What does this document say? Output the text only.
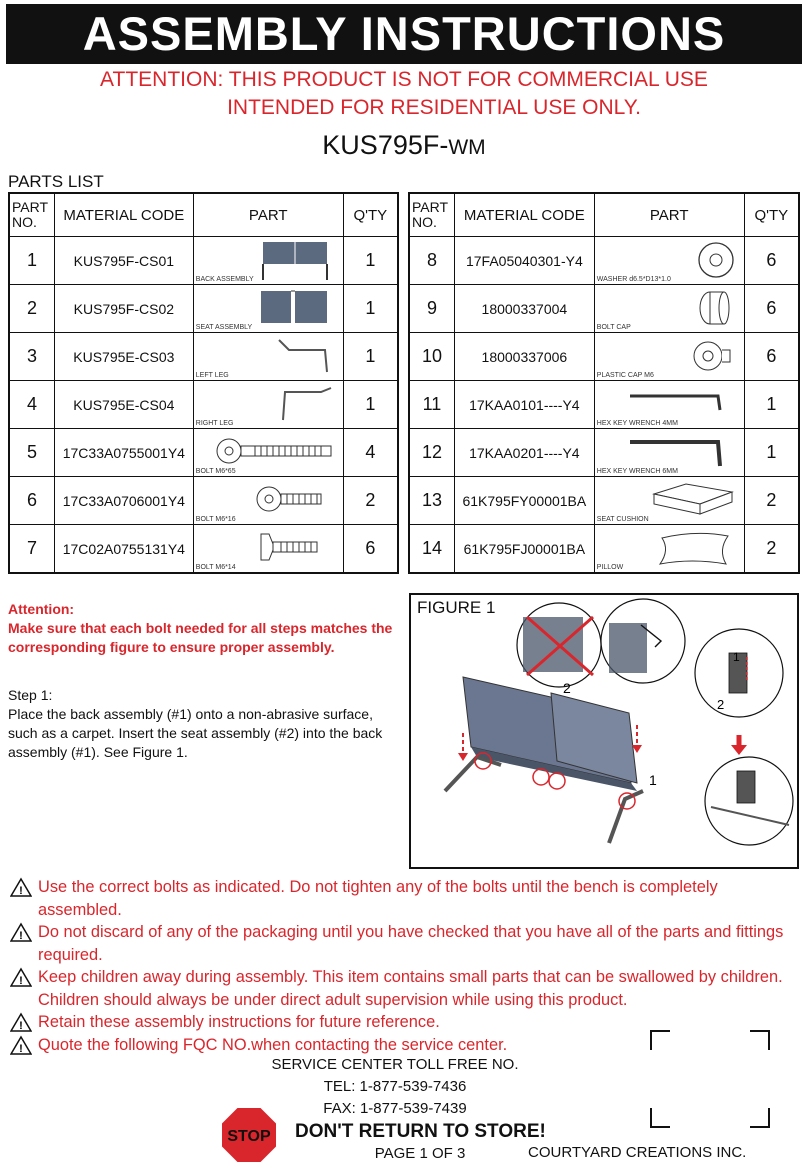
ASSEMBLY INSTRUCTIONS
ATTENTION: THIS PRODUCT IS NOT FOR COMMERCIAL USE
INTENDED FOR RESIDENTIAL USE ONLY.
KUS795F-WM
PARTS LIST
PART NO.	MATERIAL CODE	PART	Q'TY
1	KUS795F-CS01	BACK ASSEMBLY	1
2	KUS795F-CS02	SEAT ASSEMBLY	1
3	KUS795E-CS03	LEFT LEG	1
4	KUS795E-CS04	RIGHT LEG	1
5	17C33A0755001Y4	BOLT M6*65	4
6	17C33A0706001Y4	BOLT M6*16	2
7	17C02A0755131Y4	BOLT M6*14	6
PART NO.	MATERIAL CODE	PART	Q'TY
8	17FA05040301-Y4	WASHER d6.5*D13*1.0	6
9	18000337004	BOLT CAP	6
10	18000337006	PLASTIC CAP M6	6
11	17KAA0101----Y4	HEX KEY WRENCH 4MM	1
12	17KAA0201----Y4	HEX KEY WRENCH 6MM	1
13	61K795FY00001BA	SEAT CUSHION	2
14	61K795FJ00001BA	PILLOW	2
Attention:
Make sure that each bolt needed for all steps matches the corresponding figure to ensure proper assembly.
Step 1:
Place the back assembly (#1) onto a non-abrasive surface, such as a carpet. Insert the seat assembly (#2) into the back assembly (#1). See Figure 1.
FIGURE 1
1
2
2
1
! Use the correct bolts as indicated. Do not tighten any of the bolts until the bench is completely assembled.
! Do not discard of any of the packaging until you have checked that you have all of the parts and fittings required.
! Keep children away during assembly. This item contains small parts that can be swallowed by children. Children should always be under direct adult supervision while using this product.
! Retain these assembly instructions for future reference.
! Quote the following FQC NO.when contacting the service center.
SERVICE CENTER TOLL FREE NO.
TEL: 1-877-539-7436
FAX: 1-877-539-7439
STOP DON'T RETURN TO STORE!
PAGE 1 OF 3	COURTYARD CREATIONS INC.
